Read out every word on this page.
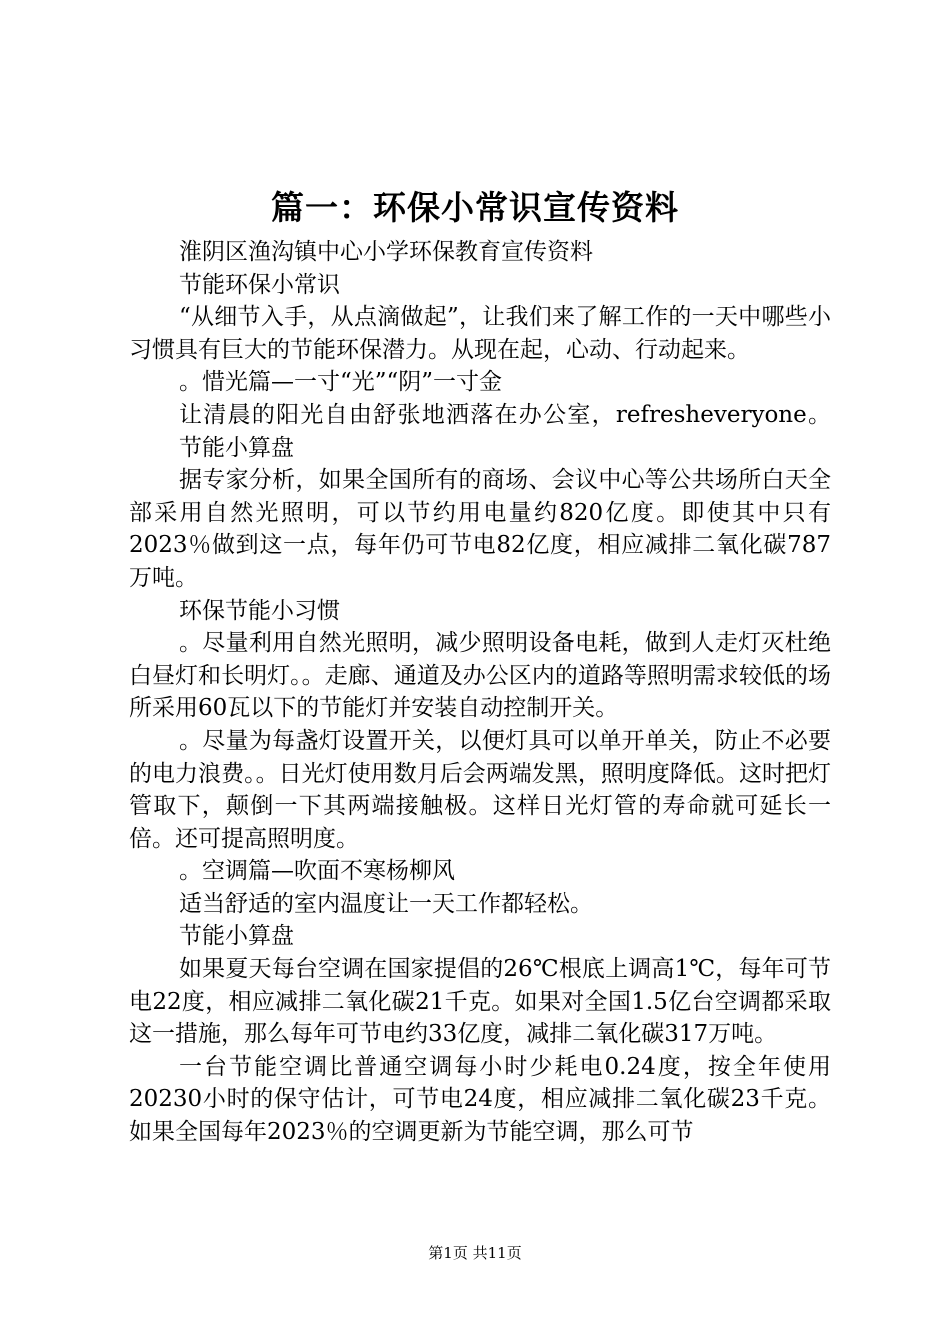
篇一：环保小常识宣传资料

淮阴区渔沟镇中心小学环保教育宣传资料

节能环保小常识

“从细节入手，从点滴做起”，让我们来了解工作的一天中哪些小习惯具有巨大的节能环保潜力。从现在起，心动、行动起来。

。惜光篇—一寸“光”“阴”一寸金

让清晨的阳光自由舒张地洒落在办公室，refresheveryone。

节能小算盘

据专家分析，如果全国所有的商场、会议中心等公共场所白天全部采用自然光照明，可以节约用电量约820亿度。即使其中只有2023％做到这一点，每年仍可节电82亿度，相应减排二氧化碳787万吨。

环保节能小习惯

。尽量利用自然光照明，减少照明设备电耗，做到人走灯灭杜绝白昼灯和长明灯。。走廊、通道及办公区内的道路等照明需求较低的场所采用60瓦以下的节能灯并安装自动控制开关。

。尽量为每盏灯设置开关，以便灯具可以单开单关，防止不必要的电力浪费。。日光灯使用数月后会两端发黑，照明度降低。这时把灯管取下，颠倒一下其两端接触极。这样日光灯管的寿命就可延长一倍。还可提高照明度。

。空调篇—吹面不寒杨柳风

适当舒适的室内温度让一天工作都轻松。

节能小算盘

如果夏天每台空调在国家提倡的26℃根底上调高1℃，每年可节电22度，相应减排二氧化碳21千克。如果对全国1.5亿台空调都采取这一措施，那么每年可节电约33亿度，减排二氧化碳317万吨。

一台节能空调比普通空调每小时少耗电0.24度，按全年使用20230小时的保守估计，可节电24度，相应减排二氧化碳23千克。如果全国每年2023％的空调更新为节能空调，那么可节

第1页 共11页
